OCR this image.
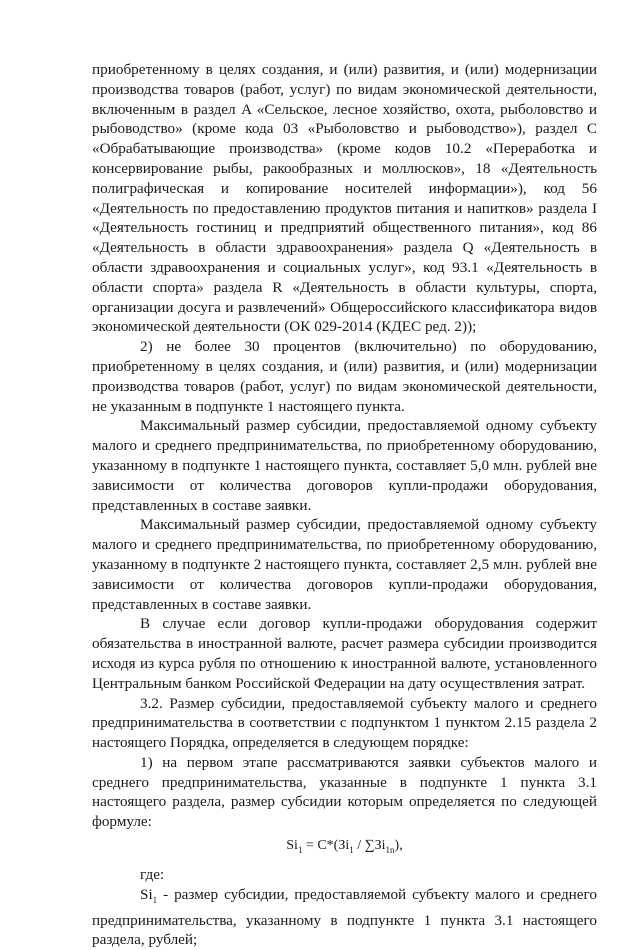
приобретенному в целях создания, и (или) развития, и (или) модернизации производства товаров (работ, услуг) по видам экономической деятельности, включенным в раздел A «Сельское, лесное хозяйство, охота, рыболовство и рыбоводство» (кроме кода 03 «Рыболовство и рыбоводство»), раздел C «Обрабатывающие производства» (кроме кодов 10.2 «Переработка и консервирование рыбы, ракообразных и моллюсков», 18 «Деятельность полиграфическая и копирование носителей информации»), код 56 «Деятельность по предоставлению продуктов питания и напитков» раздела I «Деятельность гостиниц и предприятий общественного питания», код 86 «Деятельность в области здравоохранения» раздела Q «Деятельность в области здравоохранения и социальных услуг», код 93.1 «Деятельность в области спорта» раздела R «Деятельность в области культуры, спорта, организации досуга и развлечений» Общероссийского классификатора видов экономической деятельности (ОК 029-2014 (КДЕС ред. 2));

2) не более 30 процентов (включительно) по оборудованию, приобретенному в целях создания, и (или) развития, и (или) модернизации производства товаров (работ, услуг) по видам экономической деятельности, не указанным в подпункте 1 настоящего пункта.

Максимальный размер субсидии, предоставляемой одному субъекту малого и среднего предпринимательства, по приобретенному оборудованию, указанному в подпункте 1 настоящего пункта, составляет 5,0 млн. рублей вне зависимости от количества договоров купли-продажи оборудования, представленных в составе заявки.

Максимальный размер субсидии, предоставляемой одному субъекту малого и среднего предпринимательства, по приобретенному оборудованию, указанному в подпункте 2 настоящего пункта, составляет 2,5 млн. рублей вне зависимости от количества договоров купли-продажи оборудования, представленных в составе заявки.

В случае если договор купли-продажи оборудования содержит обязательства в иностранной валюте, расчет размера субсидии производится исходя из курса рубля по отношению к иностранной валюте, установленного Центральным банком Российской Федерации на дату осуществления затрат.

3.2. Размер субсидии, предоставляемой субъекту малого и среднего предпринимательства в соответствии с подпунктом 1 пунктом 2.15 раздела 2 настоящего Порядка, определяется в следующем порядке:

1) на первом этапе рассматриваются заявки субъектов малого и среднего предпринимательства, указанные в подпункте 1 пункта 3.1 настоящего раздела, размер субсидии которым определяется по следующей формуле:

$Si_1 = C*(Зi_1 / \sum Зi_{1n})$,

где:

$Si_1$ - размер субсидии, предоставляемой субъекту малого и среднего предпринимательства, указанному в подпункте 1 пункта 3.1 настоящего раздела, рублей;
